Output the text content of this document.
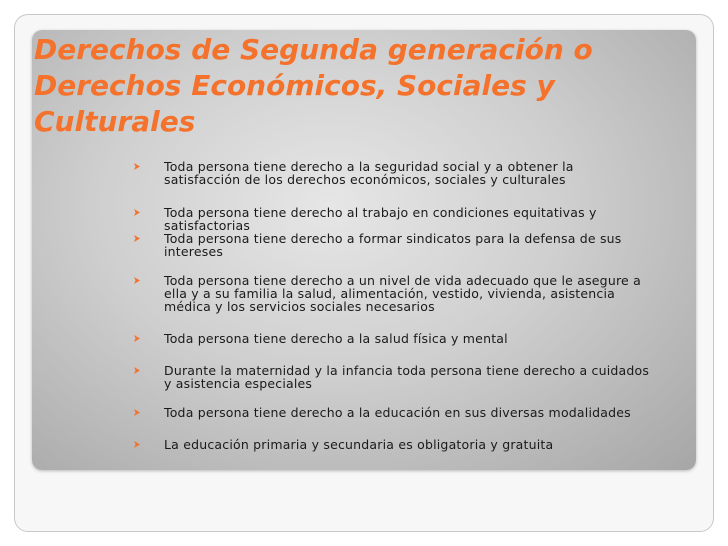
Derechos de Segunda generación o
Derechos Económicos, Sociales y
Culturales
Toda persona tiene derecho a la seguridad social y a obtener la satisfacción de los derechos económicos, sociales y culturales
Toda persona tiene derecho al trabajo en condiciones equitativas y satisfactorias
Toda persona tiene derecho a formar sindicatos para la defensa de sus intereses
Toda persona tiene derecho a un nivel de vida adecuado que le asegure a ella y a su familia la salud, alimentación, vestido, vivienda, asistencia médica y los servicios sociales necesarios
Toda persona tiene derecho a la salud física y mental
Durante la maternidad y la infancia toda persona tiene derecho a cuidados y asistencia especiales
Toda persona tiene derecho a la educación en sus diversas modalidades
La educación primaria y secundaria es obligatoria y gratuita
